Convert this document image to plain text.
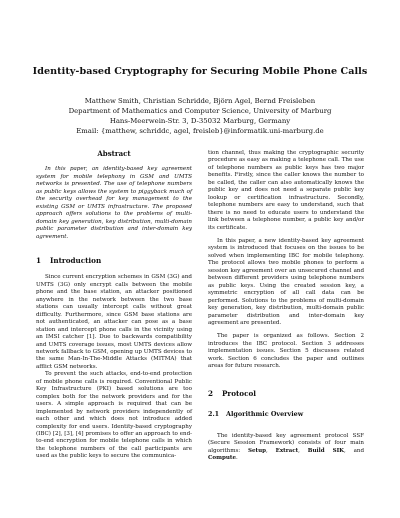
Identity-based Cryptography for Securing Mobile Phone Calls
Matthew Smith, Christian Schridde, Björn Agel, Bernd Freisleben
Department of Mathematics and Computer Science, University of Marburg
Hans-Meerwein-Str. 3, D-35032 Marburg, Germany
Email: {matthew, schriddc, agel, freisleb}@informatik.uni-marburg.de
Abstract

In this paper, an identity-based key agreement system for mobile telephony in GSM and UMTS networks is presented. The use of telephone numbers as public keys allows the system to piggyback much of the security overhead for key management to the existing GSM or UMTS infrastructure. The proposed approach offers solutions to the problems of multi-domain key generation, key distribution, multi-domain public parameter distribution and inter-domain key agreement.

1 Introduction

Since current encryption schemes in GSM (3G) and UMTS (3G) only encrypt calls between the mobile phone and the base station, an attacker positioned anywhere in the network between the two base stations can usually intercept calls without great difficulty. Furthermore, since GSM base stations are not authenticated, an attacker can pose as a base station and intercept phone calls in the vicinity using an IMSI catcher [1]. Due to backwards compatibility and UMTS coverage issues, most UMTS devices allow network fallback to GSM, opening up UMTS devices to the same Man-In-The-Middle Attacks (MITMA) that afflict GSM networks.

To prevent the such attacks, end-to-end protection of mobile phone calls is required. Conventional Public Key Infrastructure (PKI) based solutions are too complex both for the network providers and for the users. A simple approach is required that can be implemented by network providers independently of each other and which does not introduce added complexity for end users. Identity-based cryptography (IBC) [2], [3], [4] promises to offer an approach to end-to-end encryption for mobile telephone calls in which the telephone numbers of the call participants are used as the public keys to secure the communica-

tion channel, thus making the cryptographic security procedure as easy as making a telephone call. The use of telephone numbers as public keys has two major benefits. Firstly, since the caller knows the number to be called, the caller can also automatically knows the public key and does not need a separate public key lookup or certification infrastructure. Secondly, telephone numbers are easy to understand, such that there is no need to educate users to understand the link between a telephone number, a public key and/or its certificate.

In this paper, a new identity-based key agreement system is introduced that focuses on the issues to be solved when implementing IBC for mobile telephony. The protocol allows two mobile phones to perform a session key agreement over an unsecured channel and between different providers using telephone numbers as public keys. Using the created session key, a symmetric encryption of all call data can be performed. Solutions to the problems of multi-domain key generation, key distribution, multi-domain public parameter distribution and inter-domain key agreement are presented.

The paper is organized as follows. Section 2 introduces the IBC protocol. Section 3 addresses implementation issues. Section 5 discusses related work. Section 6 concludes the paper and outlines areas for future research.

2 Protocol
2.1 Algorithmic Overview

The identity-based key agreement protocol SSF (Secure Session Framework) consists of four main algorithms: Setup, Extract, Build SIK, and Compute.
